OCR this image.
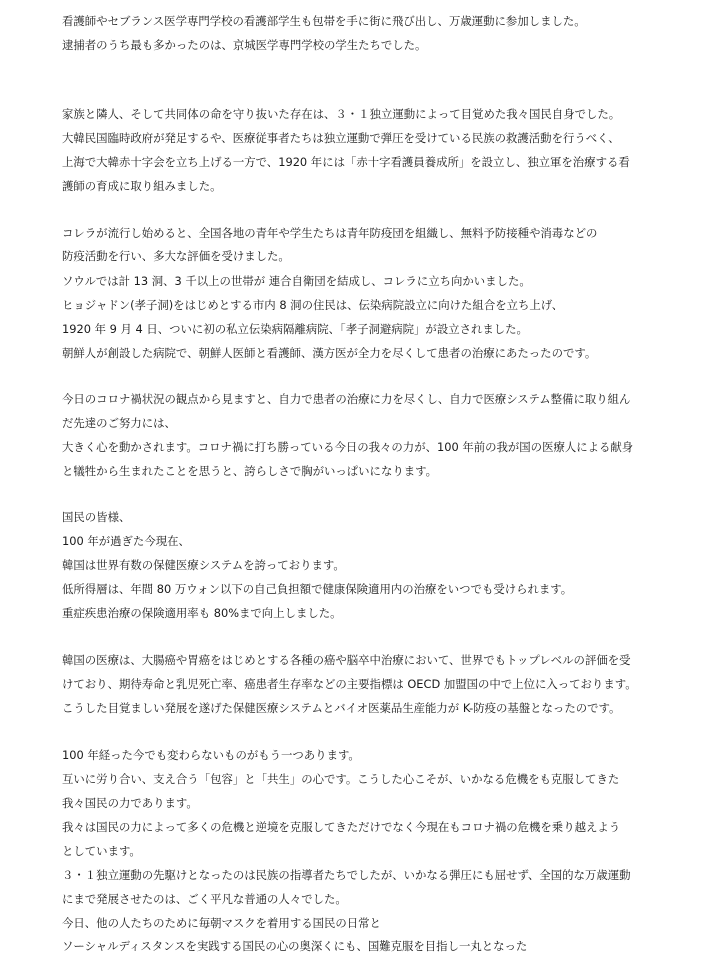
看護師やセブランス医学専門学校の看護部学生も包帯を手に街に飛び出し、万歳運動に参加しました。
逮捕者のうち最も多かったのは、京城医学専門学校の学生たちでした。
家族と隣人、そして共同体の命を守り抜いた存在は、３・１独立運動によって目覚めた我々国民自身でした。
大韓民国臨時政府が発足するや、医療従事者たちは独立運動で弾圧を受けている民族の救護活動を行うべく、
上海で大韓赤十字会を立ち上げる一方で、1920 年には「赤十字看護員養成所」を設立し、独立軍を治療する看
護師の育成に取り組みました。
コレラが流行し始めると、全国各地の青年や学生たちは青年防疫団を組織し、無料予防接種や消毒などの
防疫活動を行い、多大な評価を受けました。
ソウルでは計 13 洞、3 千以上の世帯が 連合自衛団を結成し、コレラに立ち向かいました。
ヒョジャドン(孝子洞)をはじめとする市内 8 洞の住民は、伝染病院設立に向けた組合を立ち上げ、
1920 年 9 月 4 日、ついに初の私立伝染病隔離病院、「孝子洞避病院」が設立されました。
朝鮮人が創設した病院で、朝鮮人医師と看護師、漢方医が全力を尽くして患者の治療にあたったのです。
今日のコロナ禍状況の観点から見ますと、自力で患者の治療に力を尽くし、自力で医療システム整備に取り組ん
だ先達のご努力には、
大きく心を動かされます。コロナ禍に打ち勝っている今日の我々の力が、100 年前の我が国の医療人による献身
と犠牲から生まれたことを思うと、誇らしさで胸がいっぱいになります。
国民の皆様、
100 年が過ぎた今現在、
韓国は世界有数の保健医療システムを誇っております。
低所得層は、年間 80 万ウォン以下の自己負担額で健康保険適用内の治療をいつでも受けられます。
重症疾患治療の保険適用率も 80%まで向上しました。
韓国の医療は、大腸癌や胃癌をはじめとする各種の癌や脳卒中治療において、世界でもトップレベルの評価を受
けており、期待寿命と乳児死亡率、癌患者生存率などの主要指標は OECD 加盟国の中で上位に入っております。
こうした目覚ましい発展を遂げた保健医療システムとバイオ医薬品生産能力が K-防疫の基盤となったのです。
100 年経った今でも変わらないものがもう一つあります。
互いに労り合い、支え合う「包容」と「共生」の心です。こうした心こそが、いかなる危機をも克服してきた
我々国民の力であります。
我々は国民の力によって多くの危機と逆境を克服してきただけでなく今現在もコロナ禍の危機を乗り越えよう
としています。
３・１独立運動の先駆けとなったのは民族の指導者たちでしたが、いかなる弾圧にも屈せず、全国的な万歳運動
にまで発展させたのは、ごく平凡な普通の人々でした。
今日、他の人たちのために毎朝マスクを着用する国民の日常と
ソーシャルディスタンスを実践する国民の心の奥深くにも、国難克服を目指し一丸となった
